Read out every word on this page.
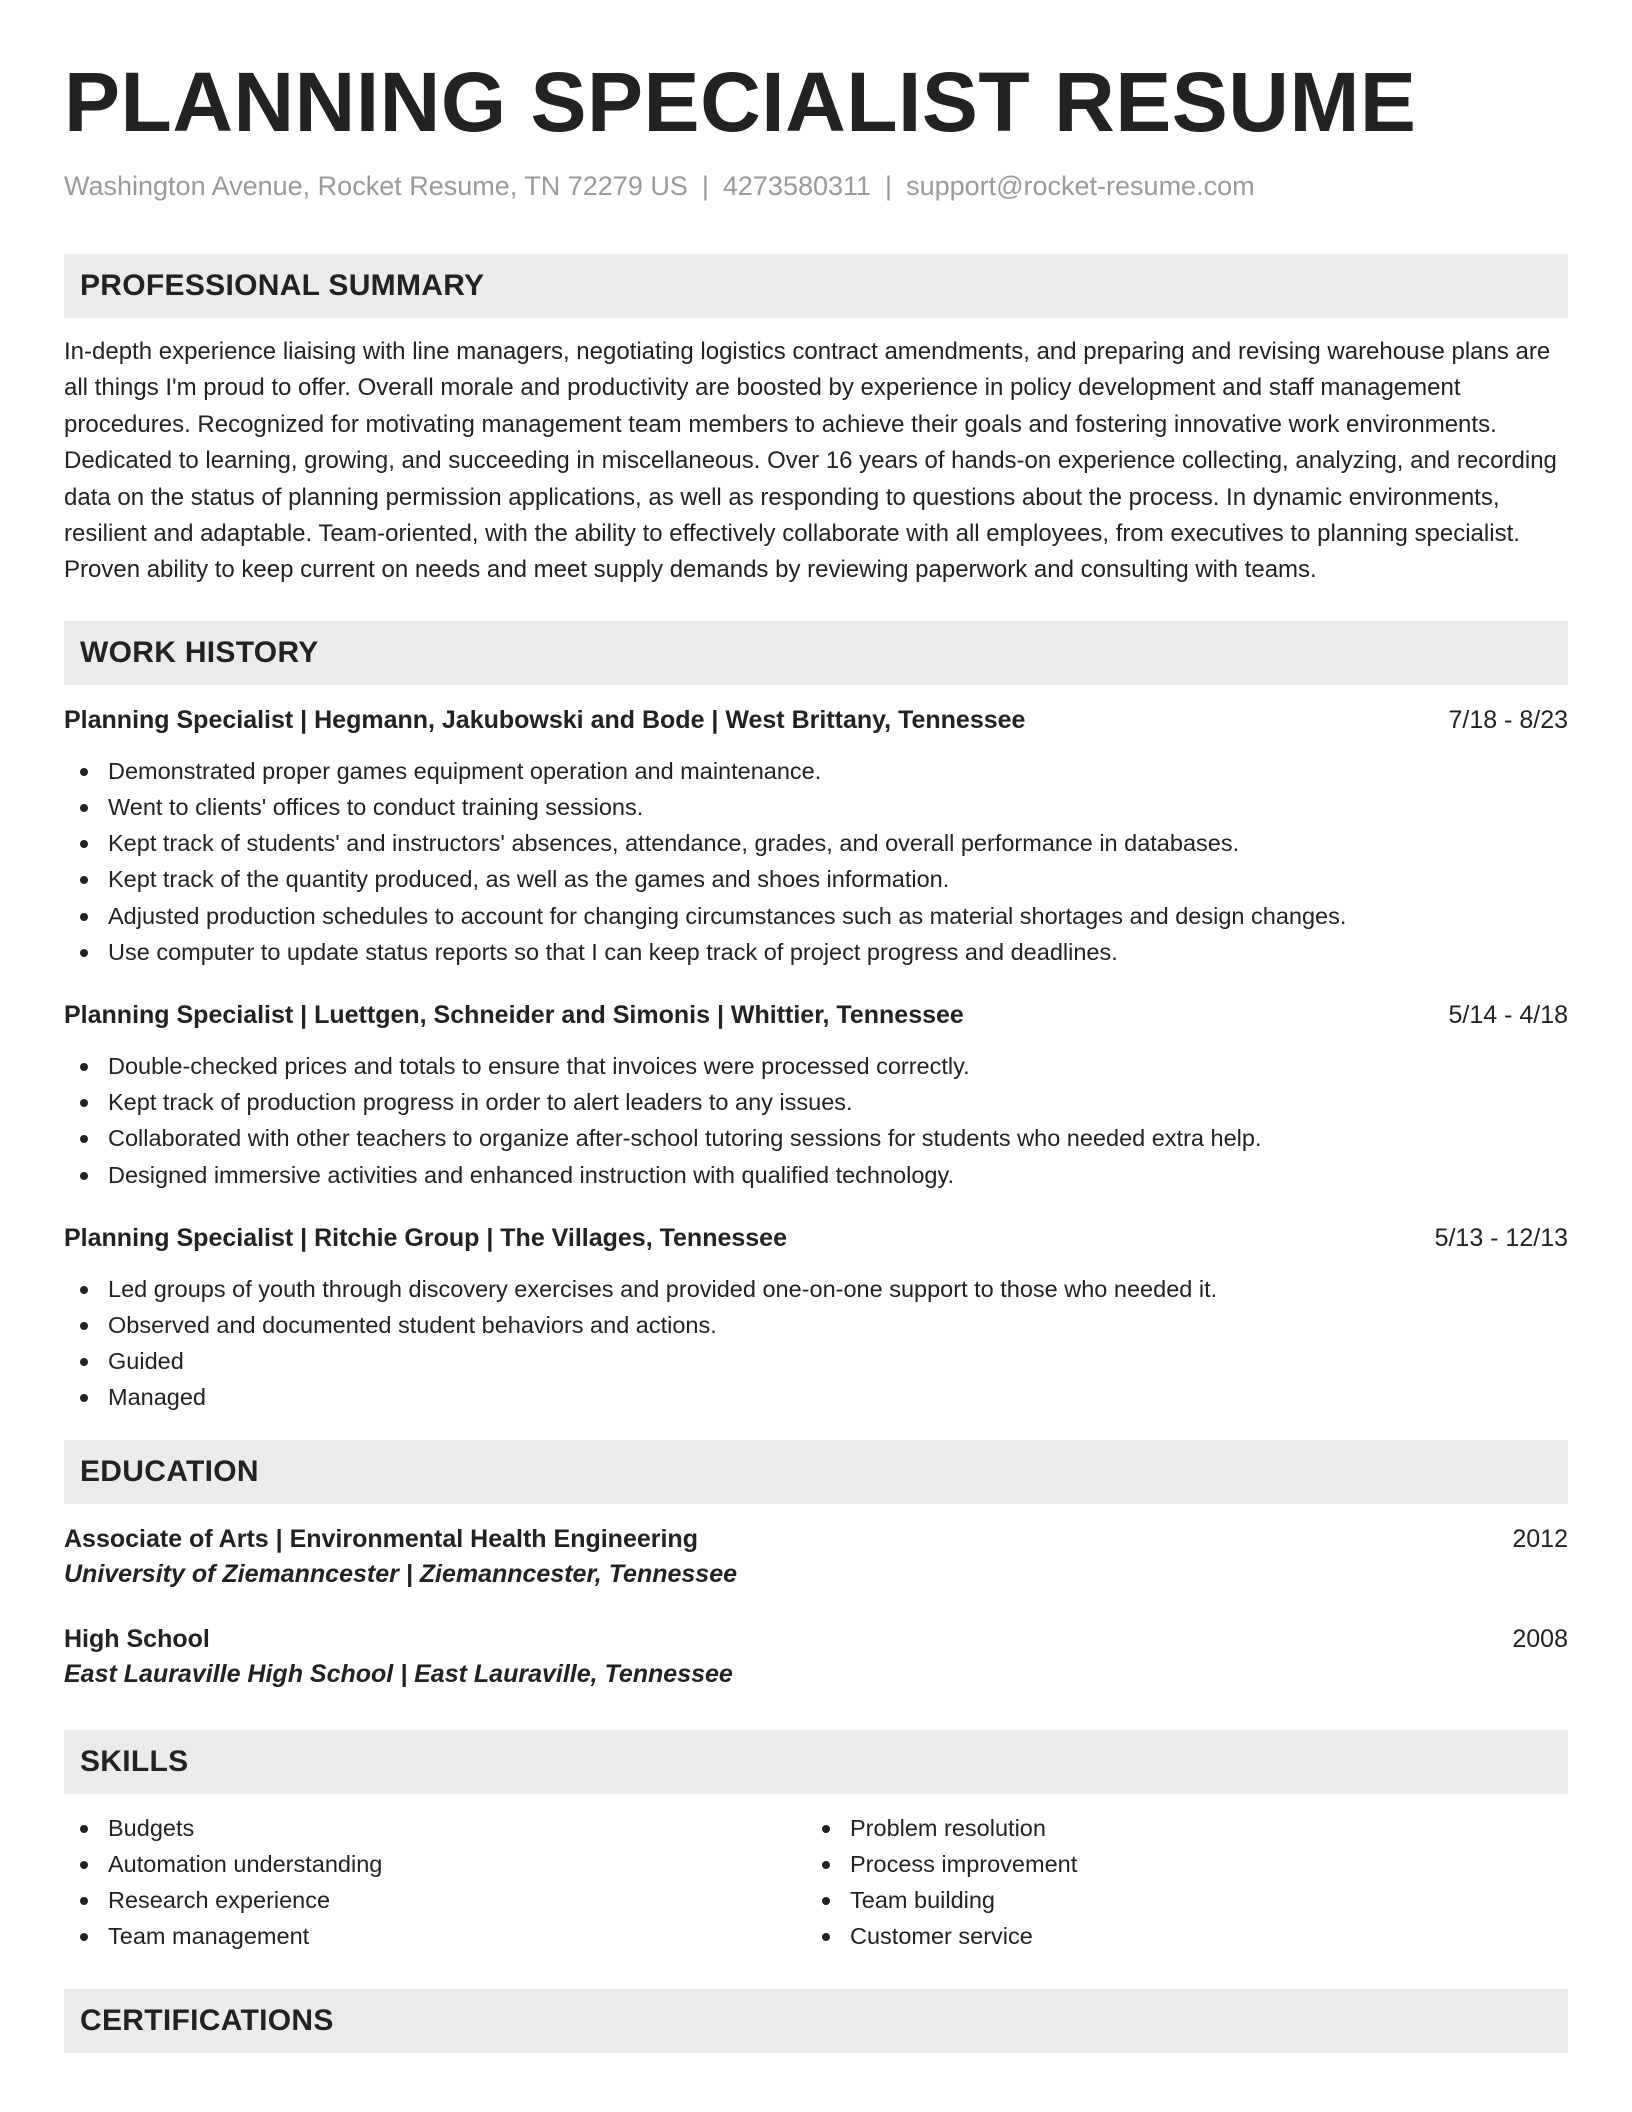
PLANNING SPECIALIST RESUME
Washington Avenue, Rocket Resume, TN 72279 US | 4273580311 | support@rocket-resume.com
PROFESSIONAL SUMMARY
In-depth experience liaising with line managers, negotiating logistics contract amendments, and preparing and revising warehouse plans are all things I'm proud to offer. Overall morale and productivity are boosted by experience in policy development and staff management procedures. Recognized for motivating management team members to achieve their goals and fostering innovative work environments. Dedicated to learning, growing, and succeeding in miscellaneous. Over 16 years of hands-on experience collecting, analyzing, and recording data on the status of planning permission applications, as well as responding to questions about the process. In dynamic environments, resilient and adaptable. Team-oriented, with the ability to effectively collaborate with all employees, from executives to planning specialist. Proven ability to keep current on needs and meet supply demands by reviewing paperwork and consulting with teams.
WORK HISTORY
Planning Specialist | Hegmann, Jakubowski and Bode | West Brittany, Tennessee	7/18 - 8/23
Demonstrated proper games equipment operation and maintenance.
Went to clients' offices to conduct training sessions.
Kept track of students' and instructors' absences, attendance, grades, and overall performance in databases.
Kept track of the quantity produced, as well as the games and shoes information.
Adjusted production schedules to account for changing circumstances such as material shortages and design changes.
Use computer to update status reports so that I can keep track of project progress and deadlines.
Planning Specialist | Luettgen, Schneider and Simonis | Whittier, Tennessee	5/14 - 4/18
Double-checked prices and totals to ensure that invoices were processed correctly.
Kept track of production progress in order to alert leaders to any issues.
Collaborated with other teachers to organize after-school tutoring sessions for students who needed extra help.
Designed immersive activities and enhanced instruction with qualified technology.
Planning Specialist | Ritchie Group | The Villages, Tennessee	5/13 - 12/13
Led groups of youth through discovery exercises and provided one-on-one support to those who needed it.
Observed and documented student behaviors and actions.
Guided
Managed
EDUCATION
Associate of Arts | Environmental Health Engineering	2012
University of Ziemanncester | Ziemanncester, Tennessee
High School	2008
East Lauraville High School | East Lauraville, Tennessee
SKILLS
Budgets
Automation understanding
Research experience
Team management
Problem resolution
Process improvement
Team building
Customer service
CERTIFICATIONS
